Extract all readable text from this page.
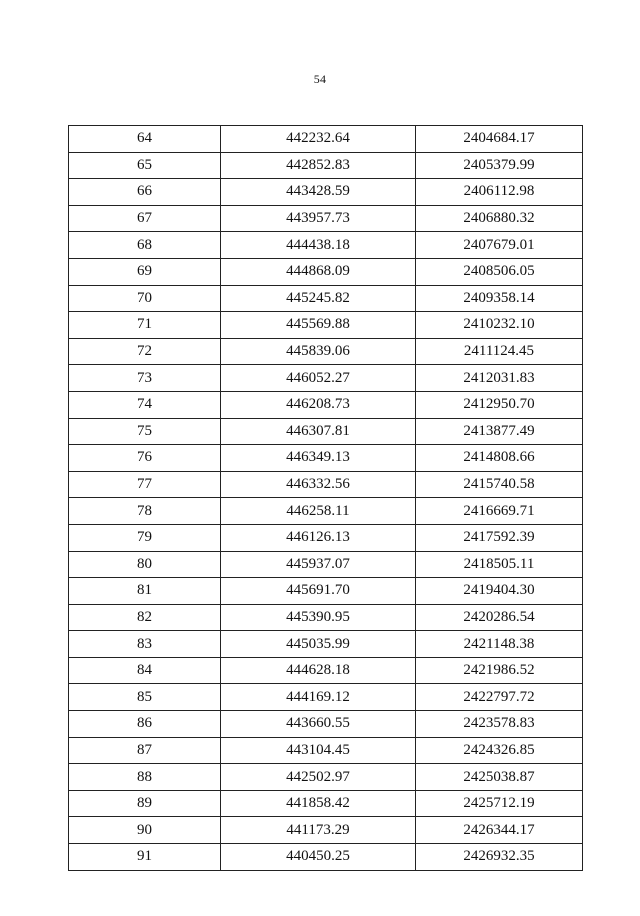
54
64	442232.64	2404684.17
65	442852.83	2405379.99
66	443428.59	2406112.98
67	443957.73	2406880.32
68	444438.18	2407679.01
69	444868.09	2408506.05
70	445245.82	2409358.14
71	445569.88	2410232.10
72	445839.06	2411124.45
73	446052.27	2412031.83
74	446208.73	2412950.70
75	446307.81	2413877.49
76	446349.13	2414808.66
77	446332.56	2415740.58
78	446258.11	2416669.71
79	446126.13	2417592.39
80	445937.07	2418505.11
81	445691.70	2419404.30
82	445390.95	2420286.54
83	445035.99	2421148.38
84	444628.18	2421986.52
85	444169.12	2422797.72
86	443660.55	2423578.83
87	443104.45	2424326.85
88	442502.97	2425038.87
89	441858.42	2425712.19
90	441173.29	2426344.17
91	440450.25	2426932.35
